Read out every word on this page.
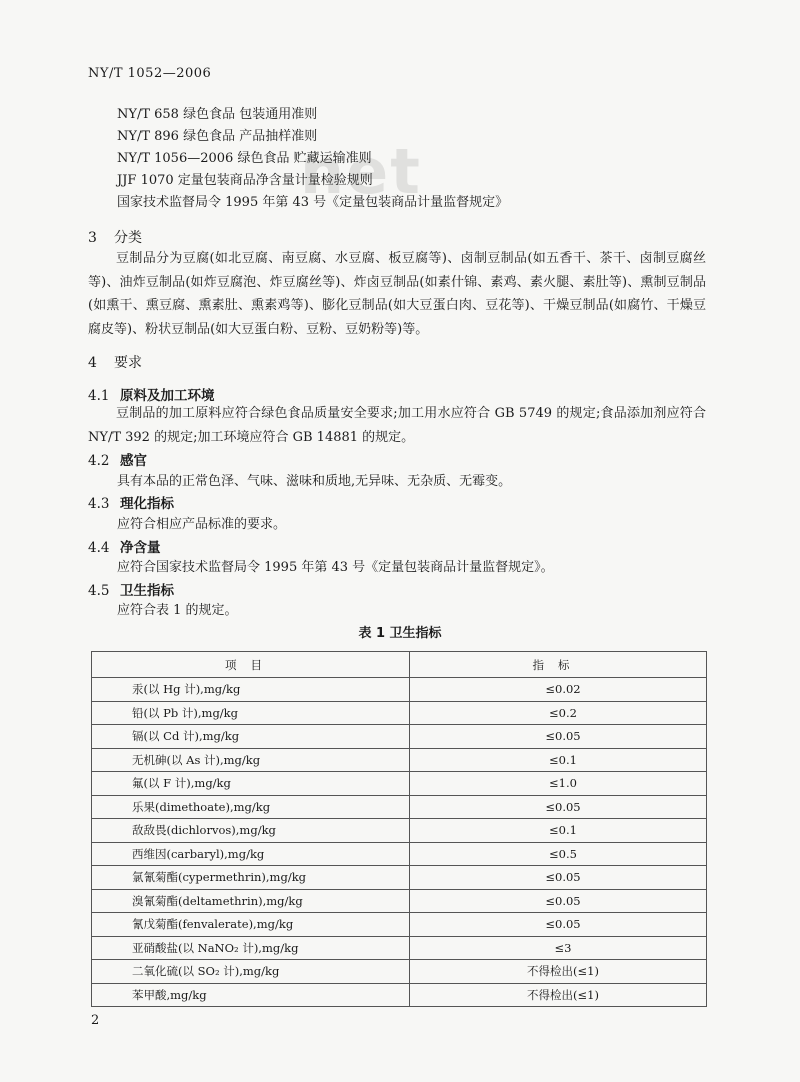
NY/T 1052—2006
net
NY/T 658 绿色食品 包装通用准则
NY/T 896 绿色食品 产品抽样准则
NY/T 1056—2006 绿色食品 贮藏运输准则
JJF 1070 定量包装商品净含量计量检验规则
国家技术监督局令 1995 年第 43 号《定量包装商品计量监督规定》
3 分类
豆制品分为豆腐(如北豆腐、南豆腐、水豆腐、板豆腐等)、卤制豆制品(如五香干、茶干、卤制豆腐丝等)、油炸豆制品(如炸豆腐泡、炸豆腐丝等)、炸卤豆制品(如素什锦、素鸡、素火腿、素肚等)、熏制豆制品(如熏干、熏豆腐、熏素肚、熏素鸡等)、膨化豆制品(如大豆蛋白肉、豆花等)、干燥豆制品(如腐竹、干燥豆腐皮等)、粉状豆制品(如大豆蛋白粉、豆粉、豆奶粉等)等。
4 要求
4.1 原料及加工环境
豆制品的加工原料应符合绿色食品质量安全要求;加工用水应符合 GB 5749 的规定;食品添加剂应符合 NY/T 392 的规定;加工环境应符合 GB 14881 的规定。
4.2 感官
具有本品的正常色泽、气味、滋味和质地,无异味、无杂质、无霉变。
4.3 理化指标
应符合相应产品标准的要求。
4.4 净含量
应符合国家技术监督局令 1995 年第 43 号《定量包装商品计量监督规定》。
4.5 卫生指标
应符合表 1 的规定。
表 1 卫生指标
项目	指标
汞(以 Hg 计),mg/kg	≤0.02
铅(以 Pb 计),mg/kg	≤0.2
镉(以 Cd 计),mg/kg	≤0.05
无机砷(以 As 计),mg/kg	≤0.1
氟(以 F 计),mg/kg	≤1.0
乐果(dimethoate),mg/kg	≤0.05
敌敌畏(dichlorvos),mg/kg	≤0.1
西维因(carbaryl),mg/kg	≤0.5
氯氰菊酯(cypermethrin),mg/kg	≤0.05
溴氰菊酯(deltamethrin),mg/kg	≤0.05
氰戊菊酯(fenvalerate),mg/kg	≤0.05
亚硝酸盐(以 NaNO₂ 计),mg/kg	≤3
二氧化硫(以 SO₂ 计),mg/kg	不得检出(≤1)
苯甲酸,mg/kg	不得检出(≤1)
2
